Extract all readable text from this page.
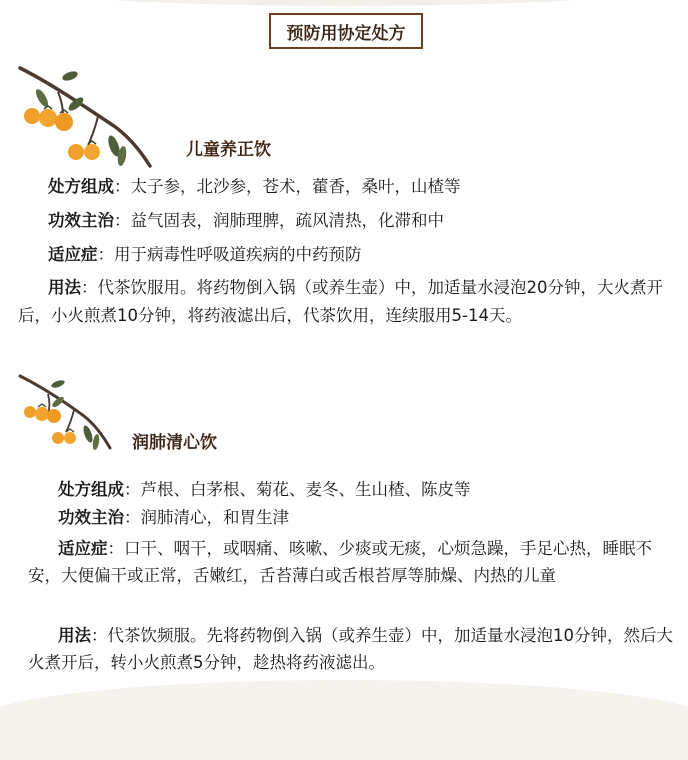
预防用协定处方
儿童养正饮
处方组成：太子参，北沙参，苍术，藿香，桑叶，山楂等
功效主治：益气固表，润肺理脾，疏风清热，化滞和中
适应症：用于病毒性呼吸道疾病的中药预防
用法：代茶饮服用。将药物倒入锅（或养生壶）中，加适量水浸泡20分钟，大火煮开后，小火煎煮10分钟，将药液滤出后，代茶饮用，连续服用5-14天。
润肺清心饮
处方组成：芦根、白茅根、菊花、麦冬、生山楂、陈皮等
功效主治：润肺清心，和胃生津
适应症：口干、咽干，或咽痛、咳嗽、少痰或无痰，心烦急躁，手足心热，睡眠不安，大便偏干或正常，舌嫩红，舌苔薄白或舌根苔厚等肺燥、内热的儿童
用法：代茶饮频服。先将药物倒入锅（或养生壶）中，加适量水浸泡10分钟，然后大火煮开后，转小火煎煮5分钟，趁热将药液滤出。
